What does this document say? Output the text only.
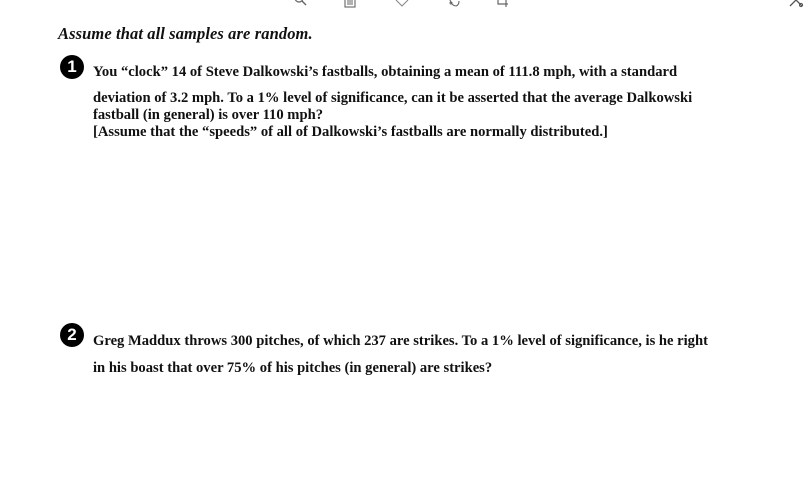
Assume that all samples are random.
1	You “clock” 14 of Steve Dalkowski’s fastballs, obtaining a mean of 111.8 mph, with a standard
deviation of 3.2 mph. To a 1% level of significance, can it be asserted that the average Dalkowski
fastball (in general) is over 110 mph?
[Assume that the “speeds” of all of Dalkowski’s fastballs are normally distributed.]
2	Greg Maddux throws 300 pitches, of which 237 are strikes. To a 1% level of significance, is he right
in his boast that over 75% of his pitches (in general) are strikes?
